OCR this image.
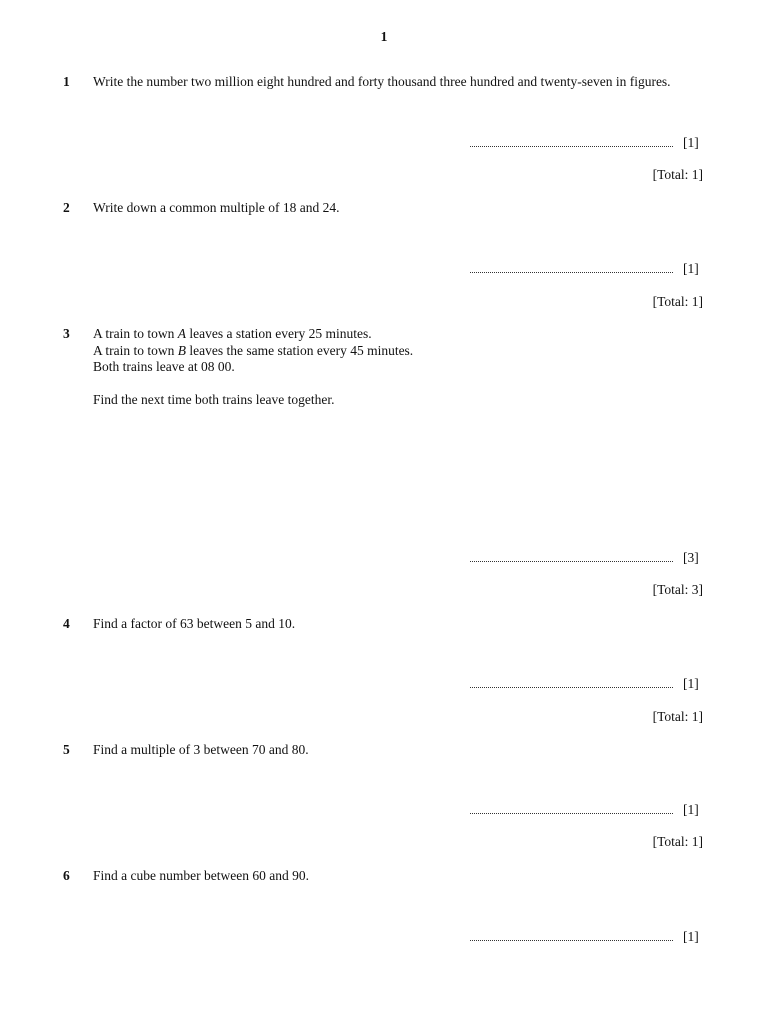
1
1 Write the number two million eight hundred and forty thousand three hundred and twenty-seven in figures.

[1]
[Total: 1]
2 Write down a common multiple of 18 and 24.

[1]
[Total: 1]
3 A train to town A leaves a station every 25 minutes.

A train to town B leaves the same station every 45 minutes.

Both trains leave at 08 00.

Find the next time both trains leave together.

[3]
[Total: 3]
4 Find a factor of 63 between 5 and 10.

[1]
[Total: 1]
5 Find a multiple of 3 between 70 and 80.

[1]
[Total: 1]
6 Find a cube number between 60 and 90.

[1]
